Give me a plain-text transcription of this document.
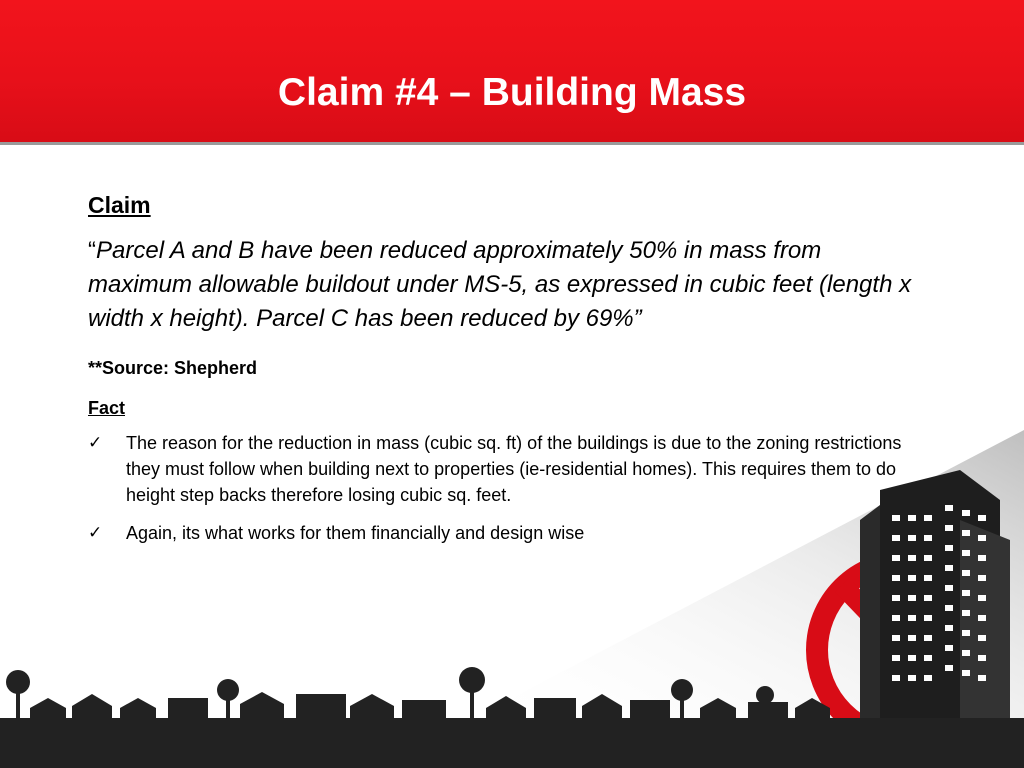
Claim #4 – Building Mass

Claim

“Parcel A and B have been reduced approximately 50% in mass from maximum allowable buildout under MS-5, as expressed in cubic feet (length x width x height). Parcel C has been reduced by 69%”

**Source: Shepherd

Fact

✓ The reason for the reduction in mass (cubic sq. ft) of the buildings is due to the zoning restrictions they must follow when building next to properties (ie-residential homes). This requires them to do height step backs therefore losing cubic sq. feet.
✓ Again, its what works for them financially and design wise
